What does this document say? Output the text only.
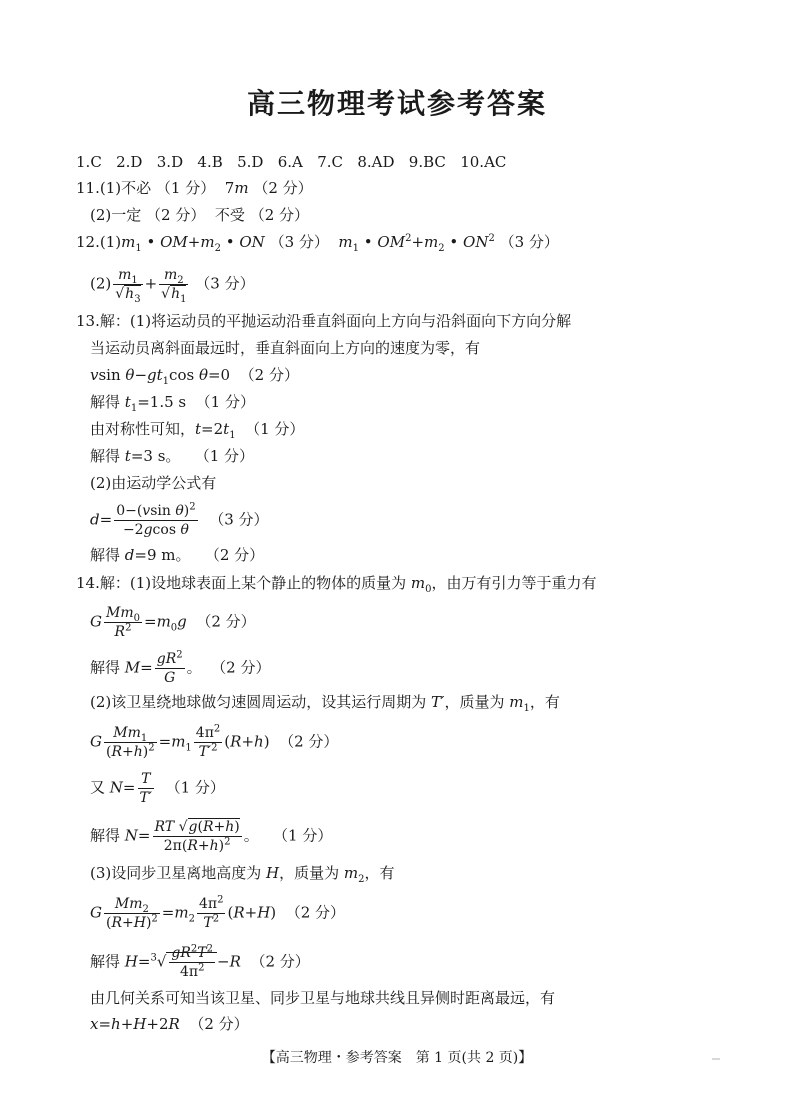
高三物理考试参考答案
1.C 2.D 3.D 4.B 5.D 6.A 7.C 8.AD 9.BC 10.AC
11.(1)不必 （1 分） 7m （2 分）
(2)一定 （2 分） 不受 （2 分）
$12.(1)m_1$ • $OM+m_2$ • ON （3 分） $m_1$ • $OM^2+m_2$ • $ON^2$ （3 分）
$(2) \frac{m_1}{√h_3} + \frac{m_2}{√h_1} (3$ 分）
13.解：(1)将运动员的平抛运动沿垂直斜面向上方向与沿斜面向下方向分解
当运动员离斜面最远时，垂直斜面向上方向的速度为零，有
vsin $\theta-gt_1\cos$ θ=0  （2 分）
解得 $t_1=1.5$ s （1 分）
由对称性可知，$t=2t_1$ （1 分）
解得 t=3 s。 （1 分）
(2)由运动学公式有
$d= \frac{0-(vsin \theta)^2}{\text{−2gcos θ}} (3$ 分）
解得 d=9 m。 （2 分）
14.解：(1)设地球表面上某个静止的物体的质量为 $m_0$，由万有引力等于重力有
G $\frac{Mm_0}{R^2} =m_0g$ （2 分）
解得 $M= \frac{gR^2}{G}$ 。  （2 分）
(2)该卫星绕地球做匀速圆周运动，设其运行周期为 T′，质量为 $m_1$，有
G $\frac{Mm_1}{(R+h)^2} =m_1 \frac{4\pi^2}{T'^2} (R+h)$  （2 分）
又 $N= \frac{T}{T'} (1$ 分）
解得 $N= \frac{RT √g(R+h)}{2\pi(R+h)^2}$ 。   （1 分）
(3)设同步卫星离地高度为 H，质量为 $m_2$，有
G $\frac{Mm_2}{(R+H)^2} =m_2 \frac{4\pi^2}{T^2} (R+H)$  （2 分）
解得 $H=^3√ \frac{gR^2T^2}{4\pi^2} -R$ （2 分）
由几何关系可知当该卫星、同步卫星与地球共线且异侧时距离最远，有
x=h+H+2R （2 分）
【高三物理・参考答案　第 1 页(共 2 页)】
